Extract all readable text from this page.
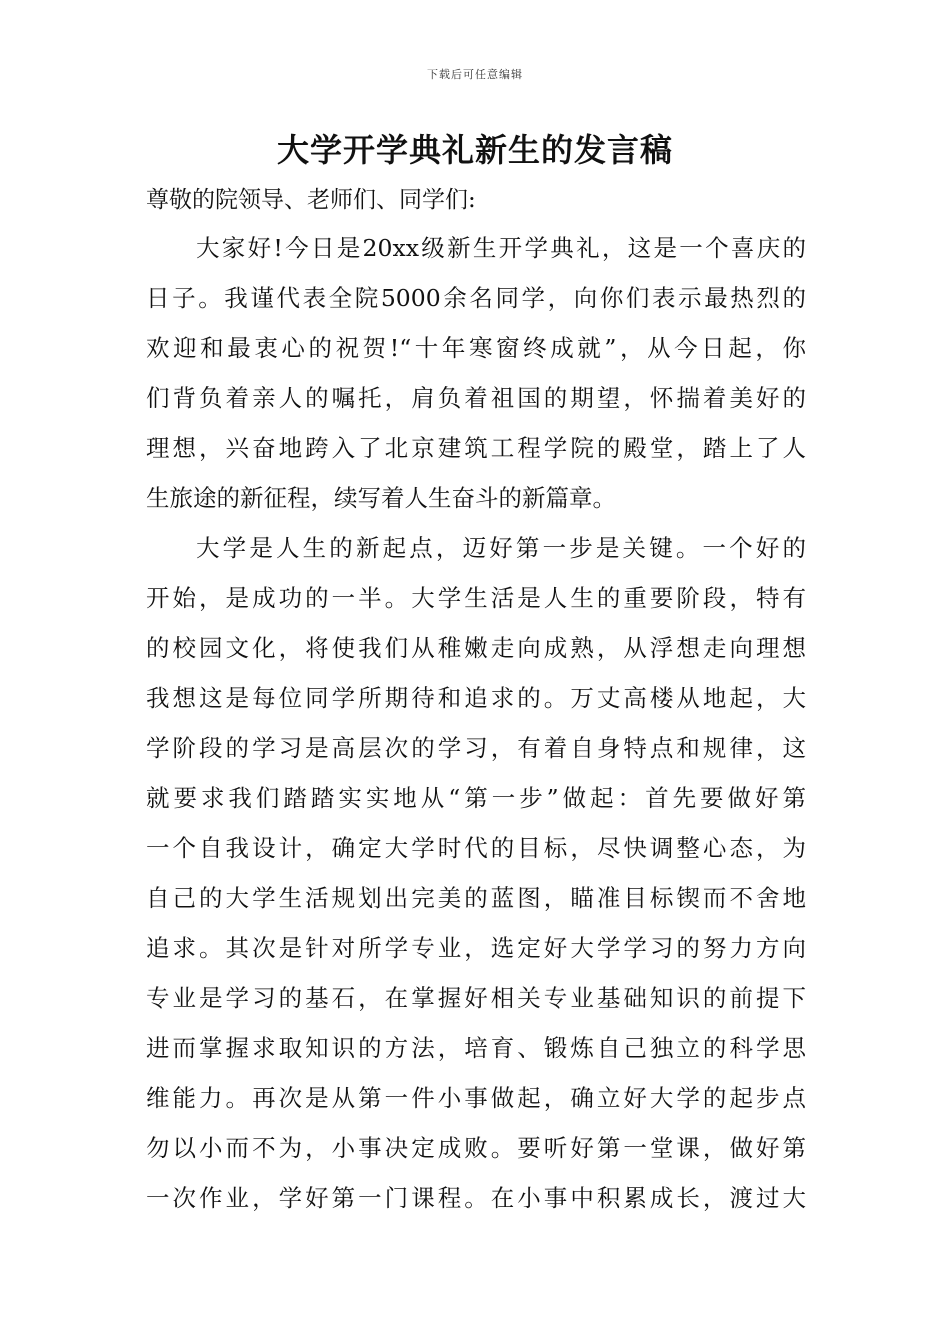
下载后可任意编辑
大学开学典礼新生的发言稿

尊敬的院领导、老师们、同学们:

大家好!今日是20xx级新生开学典礼，这是一个喜庆的

日子。我谨代表全院5000余名同学，向你们表示最热烈的

欢迎和最衷心的祝贺!“十年寒窗终成就”，从今日起，你

们背负着亲人的嘱托，肩负着祖国的期望，怀揣着美好的

理想，兴奋地跨入了北京建筑工程学院的殿堂，踏上了人

生旅途的新征程，续写着人生奋斗的新篇章。

大学是人生的新起点，迈好第一步是关键。一个好的

开始，是成功的一半。大学生活是人生的重要阶段，特有

的校园文化，将使我们从稚嫩走向成熟，从浮想走向理想

我想这是每位同学所期待和追求的。万丈高楼从地起，大

学阶段的学习是高层次的学习，有着自身特点和规律，这

就要求我们踏踏实实地从“第一步”做起：首先要做好第

一个自我设计，确定大学时代的目标，尽快调整心态，为

自己的大学生活规划出完美的蓝图，瞄准目标锲而不舍地

追求。其次是针对所学专业，选定好大学学习的努力方向

专业是学习的基石，在掌握好相关专业基础知识的前提下

进而掌握求取知识的方法，培育、锻炼自己独立的科学思

维能力。再次是从第一件小事做起，确立好大学的起步点

勿以小而不为，小事决定成败。要听好第一堂课，做好第

一次作业，学好第一门课程。在小事中积累成长，渡过大
